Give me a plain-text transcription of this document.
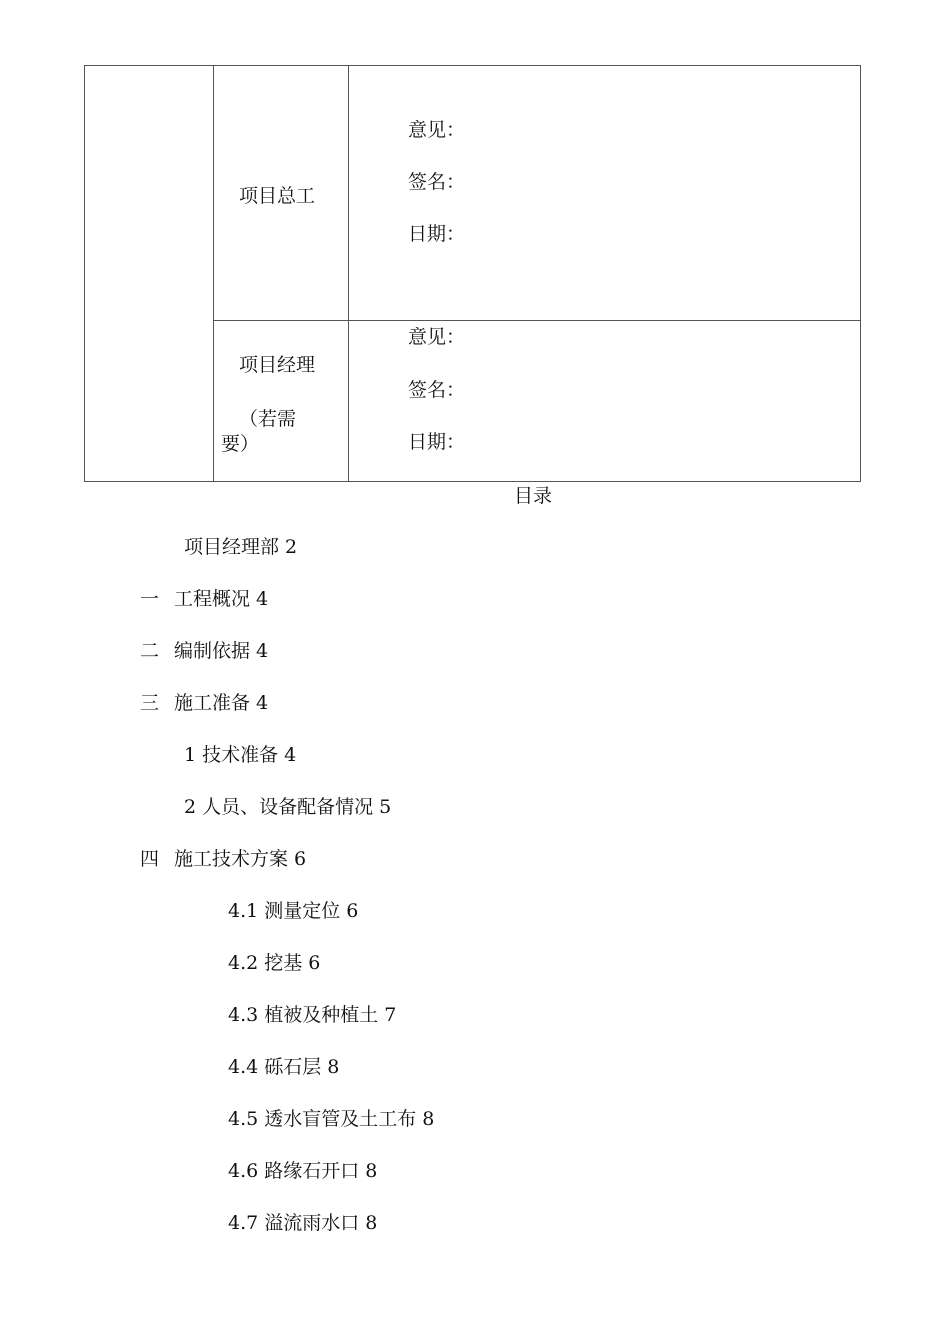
项目总工
意见：
签名：
日期：
项目经理
（若需
要）
意见：
签名：
日期：
目录
项目经理部 2
一 工程概况 4
二 编制依据 4
三 施工准备 4
1 技术准备 4
2 人员、设备配备情况 5
四 施工技术方案 6
4.1 测量定位 6
4.2 挖基 6
4.3 植被及种植土 7
4.4 砾石层 8
4.5 透水盲管及土工布 8
4.6 路缘石开口 8
4.7 溢流雨水口 8
